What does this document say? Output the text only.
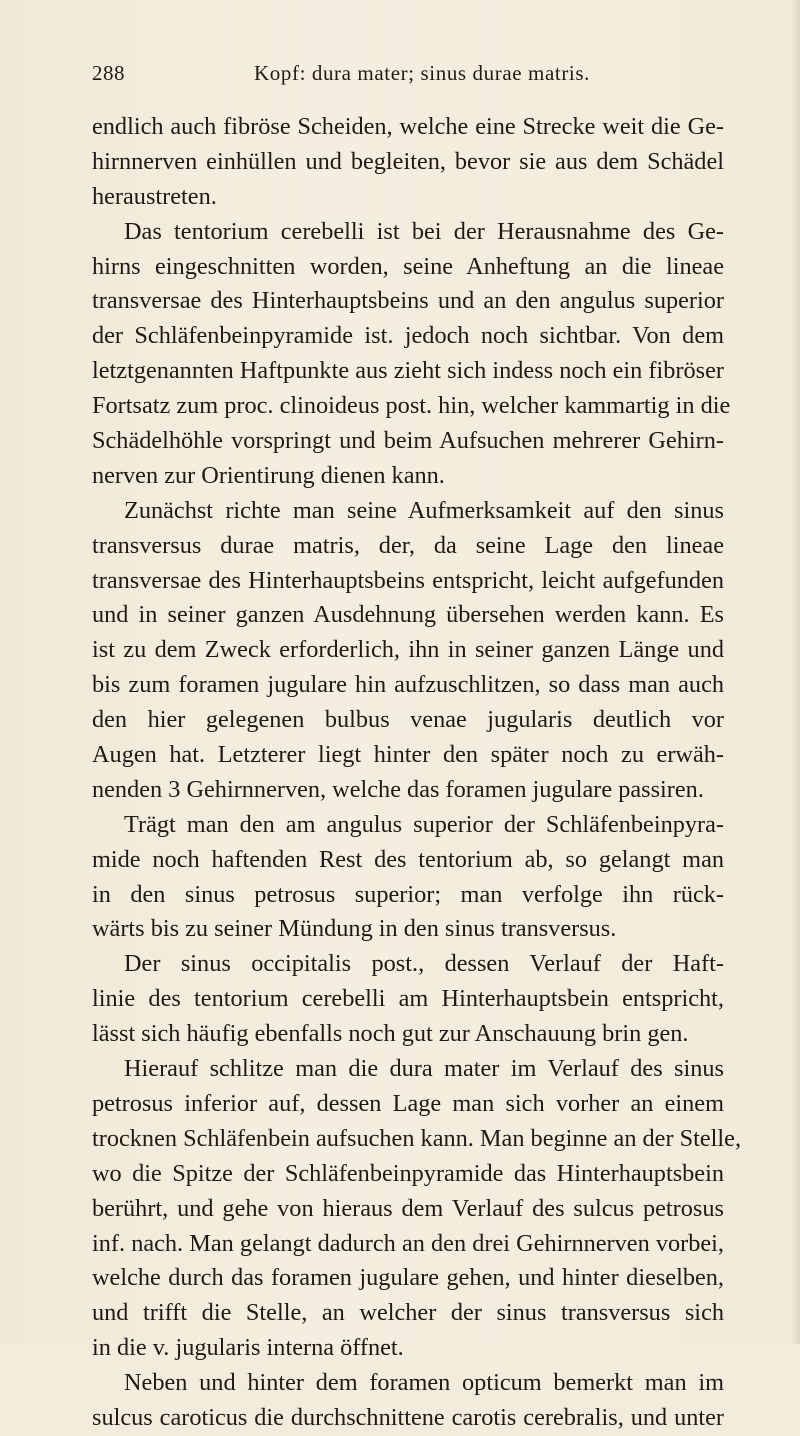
288	Kopf: dura mater; sinus durae matris.
endlich auch fibröse Scheiden, welche eine Strecke weit die Ge-
hirnnerven einhüllen und begleiten, bevor sie aus dem Schädel
heraustreten.
Das tentorium cerebelli ist bei der Herausnahme des Ge-
hirns eingeschnitten worden, seine Anheftung an die lineae
transversae des Hinterhauptsbeins und an den angulus superior
der Schläfenbeinpyramide ist. jedoch noch sichtbar. Von dem
letztgenannten Haftpunkte aus zieht sich indess noch ein fibröser
Fortsatz zum proc. clinoideus post. hin, welcher kammartig in die
Schädelhöhle vorspringt und beim Aufsuchen mehrerer Gehirn-
nerven zur Orientirung dienen kann.
Zunächst richte man seine Aufmerksamkeit auf den sinus
transversus durae matris, der, da seine Lage den lineae
transversae des Hinterhauptsbeins entspricht, leicht aufgefunden
und in seiner ganzen Ausdehnung übersehen werden kann. Es
ist zu dem Zweck erforderlich, ihn in seiner ganzen Länge und
bis zum foramen jugulare hin aufzuschlitzen, so dass man auch
den hier gelegenen bulbus venae jugularis deutlich vor
Augen hat. Letzterer liegt hinter den später noch zu erwäh-
nenden 3 Gehirnnerven, welche das foramen jugulare passiren.
Trägt man den am angulus superior der Schläfenbeinpyra-
mide noch haftenden Rest des tentorium ab, so gelangt man
in den sinus petrosus superior; man verfolge ihn rück-
wärts bis zu seiner Mündung in den sinus transversus.
Der sinus occipitalis post., dessen Verlauf der Haft-
linie des tentorium cerebelli am Hinterhauptsbein entspricht,
lässt sich häufig ebenfalls noch gut zur Anschauung brin gen.
Hierauf schlitze man die dura mater im Verlauf des sinus
petrosus inferior auf, dessen Lage man sich vorher an einem
trocknen Schläfenbein aufsuchen kann. Man beginne an der Stelle,
wo die Spitze der Schläfenbeinpyramide das Hinterhauptsbein
berührt, und gehe von hieraus dem Verlauf des sulcus petrosus
inf. nach. Man gelangt dadurch an den drei Gehirnnerven vorbei,
welche durch das foramen jugulare gehen, und hinter dieselben,
und trifft die Stelle, an welcher der sinus transversus sich
in die v. jugularis interna öffnet.
Neben und hinter dem foramen opticum bemerkt man im
sulcus caroticus die durchschnittene carotis cerebralis, und unter
